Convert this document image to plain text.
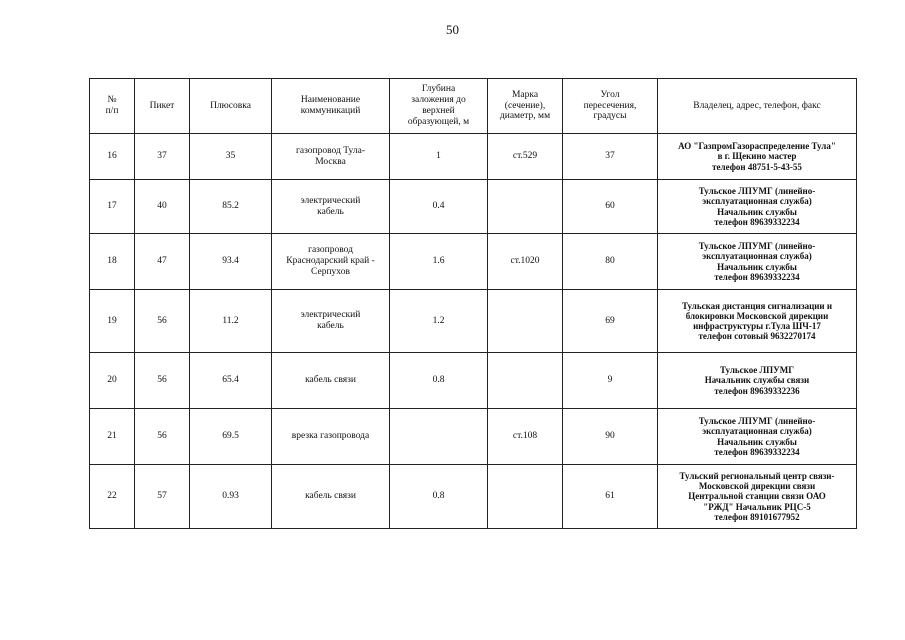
50
№
п/п	Пикет	Плюсовка	Наименование
коммуникаций	Глубина
заложения до
верхней
образующей, м	Марка
(сечение),
диаметр, мм	Угол
пересечения,
градусы	Владелец, адрес, телефон, факс
16	37	35	газопровод Тула-
Москва	1	ст.529	37	АО "ГазпромГазораспределение Тула"
в г. Щекино мастер
телефон 48751-5-43-55
17	40	85.2	электрический
кабель	0.4		60	Тульское ЛПУМГ (линейно-
эксплуатационная служба)
Начальник службы
телефон 89639332234
18	47	93.4	газопровод
Краснодарский край -
Серпухов	1.6	ст.1020	80	Тульское ЛПУМГ (линейно-
эксплуатационная служба)
Начальник службы
телефон 89639332234
19	56	11.2	электрический
кабель	1.2		69	Тульская дистанция сигнализации и
блокировки Московской дирекции
инфраструктуры г.Тула ШЧ-17
телефон сотовый 9632270174
20	56	65.4	кабель связи	0.8		9	Тульское ЛПУМГ
Начальник службы связи
телефон 89639332236
21	56	69.5	врезка газопровода		ст.108	90	Тульское ЛПУМГ (линейно-
эксплуатационная служба)
Начальник службы
телефон 89639332234
22	57	0.93	кабель связи	0.8		61	Тульский региональный центр связи-
Московской дирекции связи
Центральной станции связи ОАО
"РЖД" Начальник РЦС-5
телефон 89101677952
